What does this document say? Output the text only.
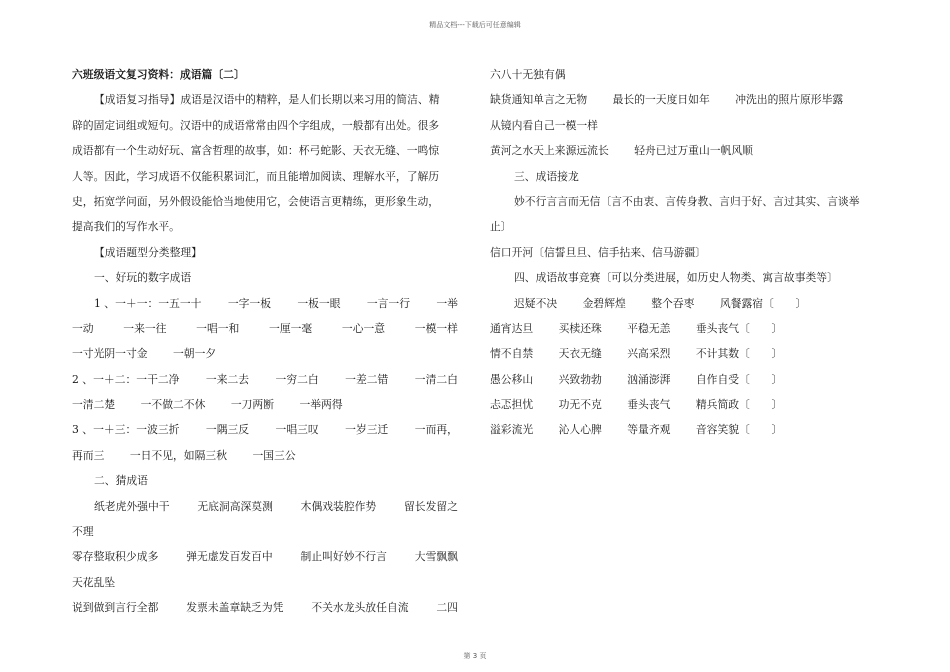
精品文档---下载后可任意编辑
六班级语文复习资料：成语篇〔二〕
【成语复习指导】成语是汉语中的精粹，是人们长期以来习用的简洁、精
辟的固定词组或短句。汉语中的成语常常由四个字组成，一般都有出处。很多
成语都有一个生动好玩、富含哲理的故事，如：杯弓蛇影、天衣无缝、一鸣惊
人等。因此，学习成语不仅能积累词汇，而且能增加阅读、理解水平，了解历
史，拓宽学问面，另外假设能恰当地使用它，会使语言更精练，更形象生动，
提高我们的写作水平。
【成语题型分类整理】
一、好玩的数字成语
1 、一＋一：一五一十 一字一板 一板一眼 一言一行 一举
一动	一来一往	一唱一和	一厘一毫	一心一意	一模一样
一寸光阴一寸金 一朝一夕
2 、一＋二：一干二净 一来二去 一穷二白 一差二错 一清二白
一清二楚 一不做二不休 一刀两断 一举两得
3 、一＋三：一波三折 一隅三反 一唱三叹 一岁三迁 一而再，
再而三 一日不见，如隔三秋 一国三公
二、猜成语
纸老虎外强中干	无底洞高深莫测	木偶戏装腔作势	留长发留之
不理
零存整取积少成多	弹无虚发百发百中	制止叫好妙不行言	大雪飘飘
天花乱坠
说到做到言行全都	发票未盖章缺乏为凭	不关水龙头放任自流	二四
六八十无独有偶
缺货通知单言之无物 最长的一天度日如年 冲洗出的照片原形毕露
从镜内看自己一模一样
黄河之水天上来源远流长 轻舟已过万重山一帆风顺
三、成语接龙
妙不行言言而无信〔言不由衷、言传身教、言归于好、言过其实、言谈举
止〕
信口开河〔信誓旦旦、信手拈来、信马游疆〕
四、成语故事竞赛〔可以分类进展，如历史人物类、寓言故事类等〕
迟疑不决 金碧辉煌 整个吞枣 风餐露宿〔　　〕
通宵达旦 买椟还珠 平稳无恙 垂头丧气〔　　〕
情不自禁 天衣无缝 兴高采烈 不计其数〔　　〕
愚公移山 兴致勃勃 汹涌澎湃 自作自受〔　　〕
忐忑担忧 功无不克 垂头丧气 精兵简政〔　　〕
溢彩流光 沁人心脾 等量齐观 音容笑貌〔　　〕
第 3 页
